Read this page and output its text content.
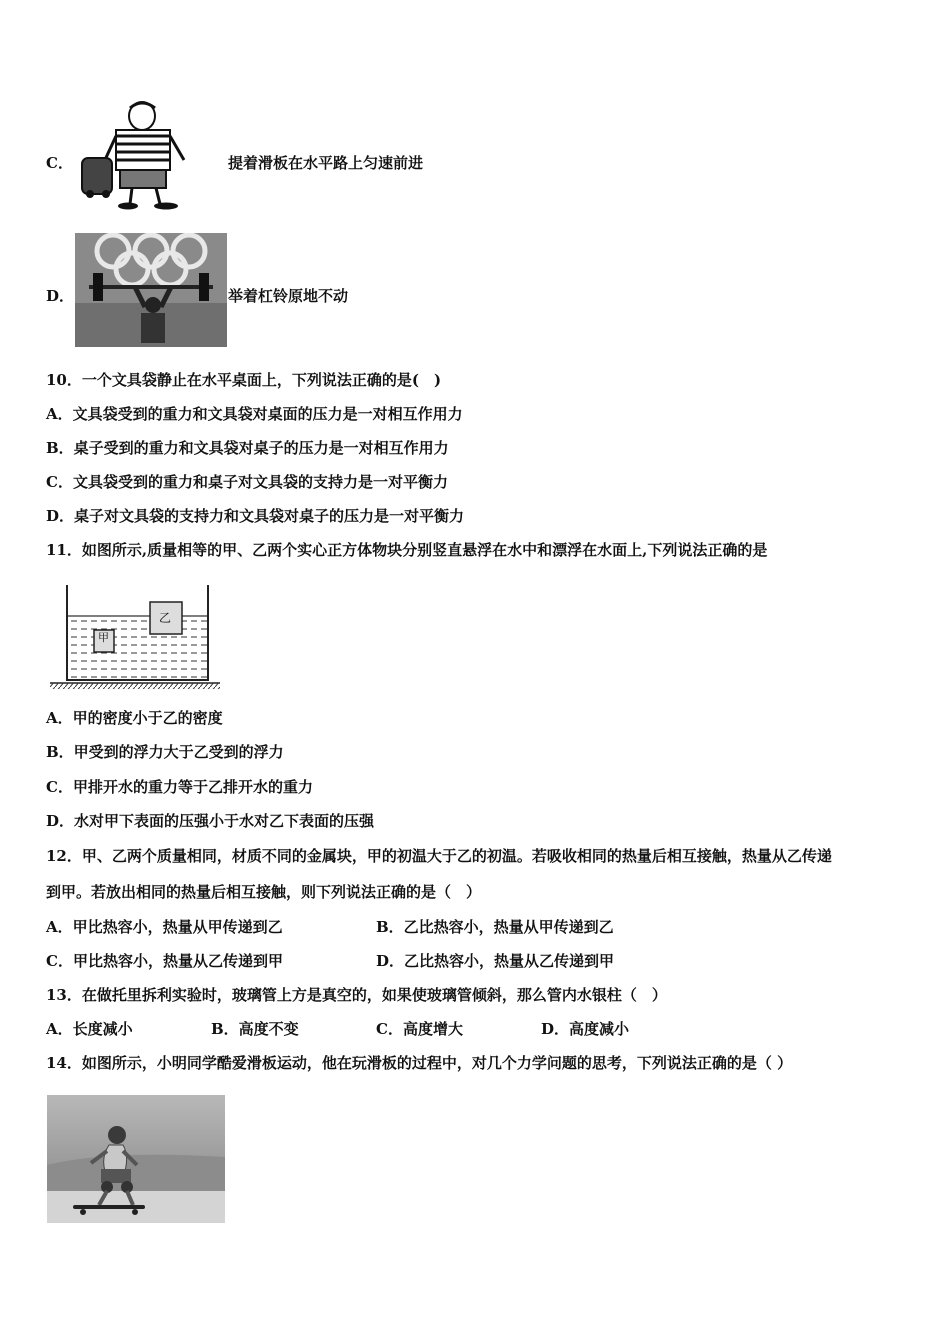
C．	提着滑板在水平路上匀速前进
D．	举着杠铃原地不动
10．一个文具袋静止在水平桌面上，下列说法正确的是(　)
A．文具袋受到的重力和文具袋对桌面的压力是一对相互作用力
B．桌子受到的重力和文具袋对桌子的压力是一对相互作用力
C．文具袋受到的重力和桌子对文具袋的支持力是一对平衡力
D．桌子对文具袋的支持力和文具袋对桌子的压力是一对平衡力
11．如图所示,质量相等的甲、乙两个实心正方体物块分别竖直悬浮在水中和漂浮在水面上,下列说法正确的是
甲
乙
A．甲的密度小于乙的密度
B．甲受到的浮力大于乙受到的浮力
C．甲排开水的重力等于乙排开水的重力
D．水对甲下表面的压强小于水对乙下表面的压强
12．甲、乙两个质量相同，材质不同的金属块，甲的初温大于乙的初温。若吸收相同的热量后相互接触，热量从乙传递
到甲。若放出相同的热量后相互接触，则下列说法正确的是（　）
A．甲比热容小，热量从甲传递到乙	B．乙比热容小，热量从甲传递到乙
C．甲比热容小，热量从乙传递到甲	D．乙比热容小，热量从乙传递到甲
13．在做托里拆利实验时，玻璃管上方是真空的，如果使玻璃管倾斜，那么管内水银柱（　）
A．长度减小	B．高度不变	C．高度增大	D．高度减小
14．如图所示，小明同学酷爱滑板运动，他在玩滑板的过程中，对几个力学问题的思考，下列说法正确的是（ ）
